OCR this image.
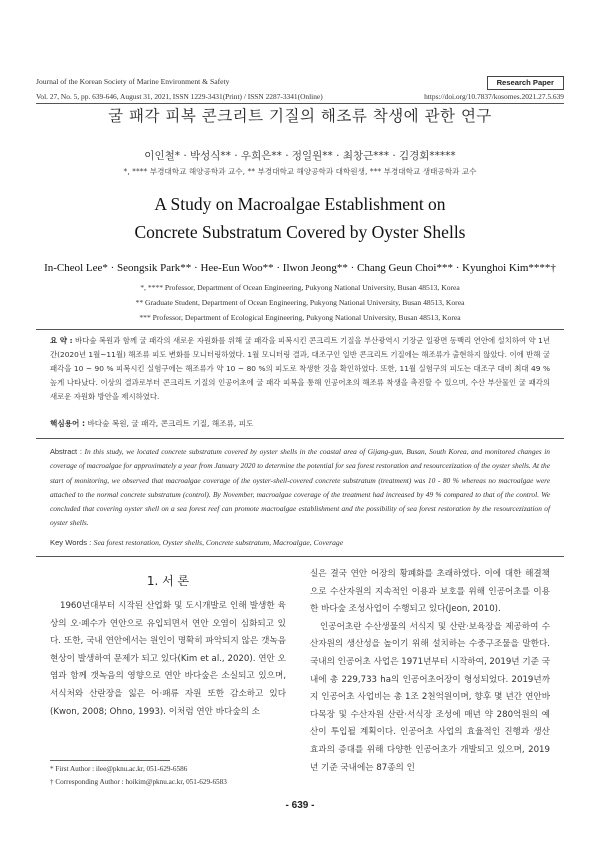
Journal of the Korean Society of Marine Environment & Safety	Research Paper
Vol. 27, No. 5, pp. 639-646, August 31, 2021, ISSN 1229-3431(Print) / ISSN 2287-3341(Online)	https://doi.org/10.7837/kosomes.2021.27.5.639
굴 패각 피복 콘크리트 기질의 해조류 착생에 관한 연구
이인철* · 박성식** · 우희은** · 정일원** · 최창근*** · 김경회*****
*, **** 부경대학교 해양공학과 교수, ** 부경대학교 해양공학과 대학원생, *** 부경대학교 생태공학과 교수
A Study on Macroalgae Establishment on
Concrete Substratum Covered by Oyster Shells
In-Cheol Lee* · Seongsik Park** · Hee-Eun Woo** · Ilwon Jeong** · Chang Geun Choi*** · Kyunghoi Kim****†
*, **** Professor, Department of Ocean Engineering, Pukyong National University, Busan 48513, Korea
** Graduate Student, Department of Ocean Engineering, Pukyong National University, Busan 48513, Korea
*** Professor, Department of Ecological Engineering, Pukyong National University, Busan 48513, Korea
요 약 : 바다숲 복원과 함께 굴 패각의 새로운 자원화를 위해 굴 패각을 피복시킨 콘크리트 기질을 부산광역시 기장군 일광면 동백리 연안에 설치하여 약 1년간(2020년 1월~11월) 해조류 피도 변화를 모니터링하였다. 1월 모니터링 결과, 대조구인 일반 콘크리트 기질에는 해조류가 출현하지 않았다. 이에 반해 굴 패각을 10 ~ 90 % 피복시킨 실험구에는 해조류가 약 10 ~ 80 %의 피도로 착생한 것을 확인하였다. 또한, 11월 실험구의 피도는 대조구 대비 최대 49 % 높게 나타났다. 이상의 결과로부터 콘크리트 기질의 인공어초에 굴 패각 피복을 통해 인공어초의 해조류 착생을 촉진할 수 있으며, 수산 부산물인 굴 패각의 새로운 자원화 방안을 제시하였다.
핵심용어 : 바다숲 복원, 굴 패각, 콘크리트 기질, 해조류, 피도
Abstract : In this study, we located concrete substratum covered by oyster shells in the coastal area of Gijang-gun, Busan, South Korea, and monitored changes in coverage of macroalgae for approximately a year from January 2020 to determine the potential for sea forest restoration and resourcezization of the oyster shells. At the start of monitoring, we observed that macroalgae coverage of the oyster-shell-covered concrete substratum (treatment) was 10 - 80 % whereas no macroalgae were attached to the normal concrete substratum (control). By November, macroalgae coverage of the treatment had increased by 49 % compared to that of the control. We concluded that covering oyster shell on a sea forest reef can promote macroalgae establishment and the possibility of sea forest restoration by the resourcezization of oyster shells.
Key Words : Sea forest restoration, Oyster shells, Concrete substratum, Macroalgae, Coverage
1. 서 론

1960년대부터 시작된 산업화 및 도시개발로 인해 발생한 육상의 오·폐수가 연안으로 유입되면서 연안 오염이 심화되고 있다. 또한, 국내 연안에서는 원인이 명확히 파악되지 않은 갯녹음 현상이 발생하여 문제가 되고 있다(Kim et al., 2020). 연안 오염과 함께 갯녹음의 영향으로 연안 바다숲은 소실되고 있으며, 서식처와 산란장을 잃은 어·패류 자원 또한 감소하고 있다(Kwon, 2008; Ohno, 1993). 이처럼 연안 바다숲의 소

* First Author : ilee@pknu.ac.kr, 051-629-6586
† Corresponding Author : hoikim@pknu.ac.kr, 051-629-6583

실은 결국 연안 어장의 황폐화를 초래하였다. 이에 대한 해결책으로 수산자원의 지속적인 이용과 보호를 위해 인공어초를 이용한 바다숲 조성사업이 수행되고 있다(Jeon, 2010).

인공어초란 수산생물의 서식지 및 산란·보육장을 제공하여 수산자원의 생산성을 높이기 위해 설치하는 수중구조물을 말한다. 국내의 인공어초 사업은 1971년부터 시작하여, 2019년 기준 국내에 총 229,733 ha의 인공어초어장이 형성되었다. 2019년까지 인공어초 사업비는 총 1조 2천억원이며, 향후 몇 년간 연안바다목장 및 수산자원 산란·서식장 조성에 매년 약 280억원의 예산이 투입될 계획이다. 인공어초 사업의 효율적인 진행과 생산 효과의 증대를 위해 다양한 인공어초가 개발되고 있으며, 2019년 기준 국내에는 87종의 인

- 639 -
